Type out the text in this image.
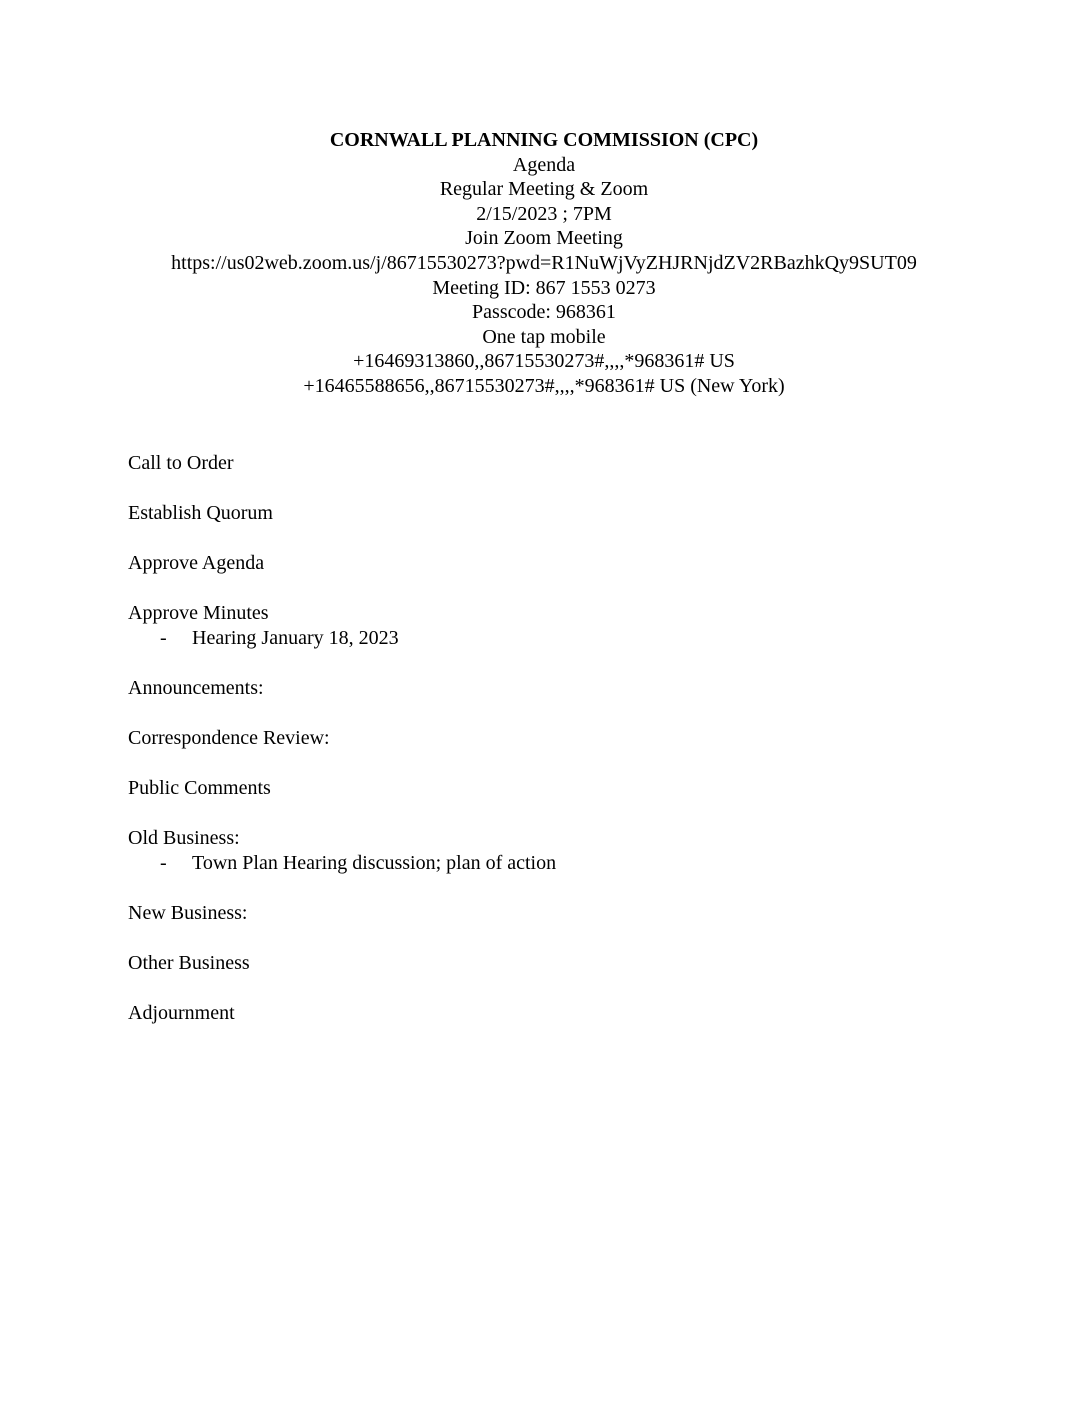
CORNWALL PLANNING COMMISSION (CPC)
Agenda
Regular Meeting & Zoom
2/15/2023 ; 7PM
Join Zoom Meeting
https://us02web.zoom.us/j/86715530273?pwd=R1NuWjVyZHJRNjdZV2RBazhkQy9SUT09
Meeting ID: 867 1553 0273
Passcode: 968361
One tap mobile
+16469313860,,86715530273#,,,,*968361# US
+16465588656,,86715530273#,,,,*968361# US (New York)
Call to Order
Establish Quorum
Approve Agenda
Approve Minutes
- Hearing January 18, 2023
Announcements:
Correspondence Review:
Public Comments
Old Business:
- Town Plan Hearing discussion; plan of action
New Business:
Other Business
Adjournment
